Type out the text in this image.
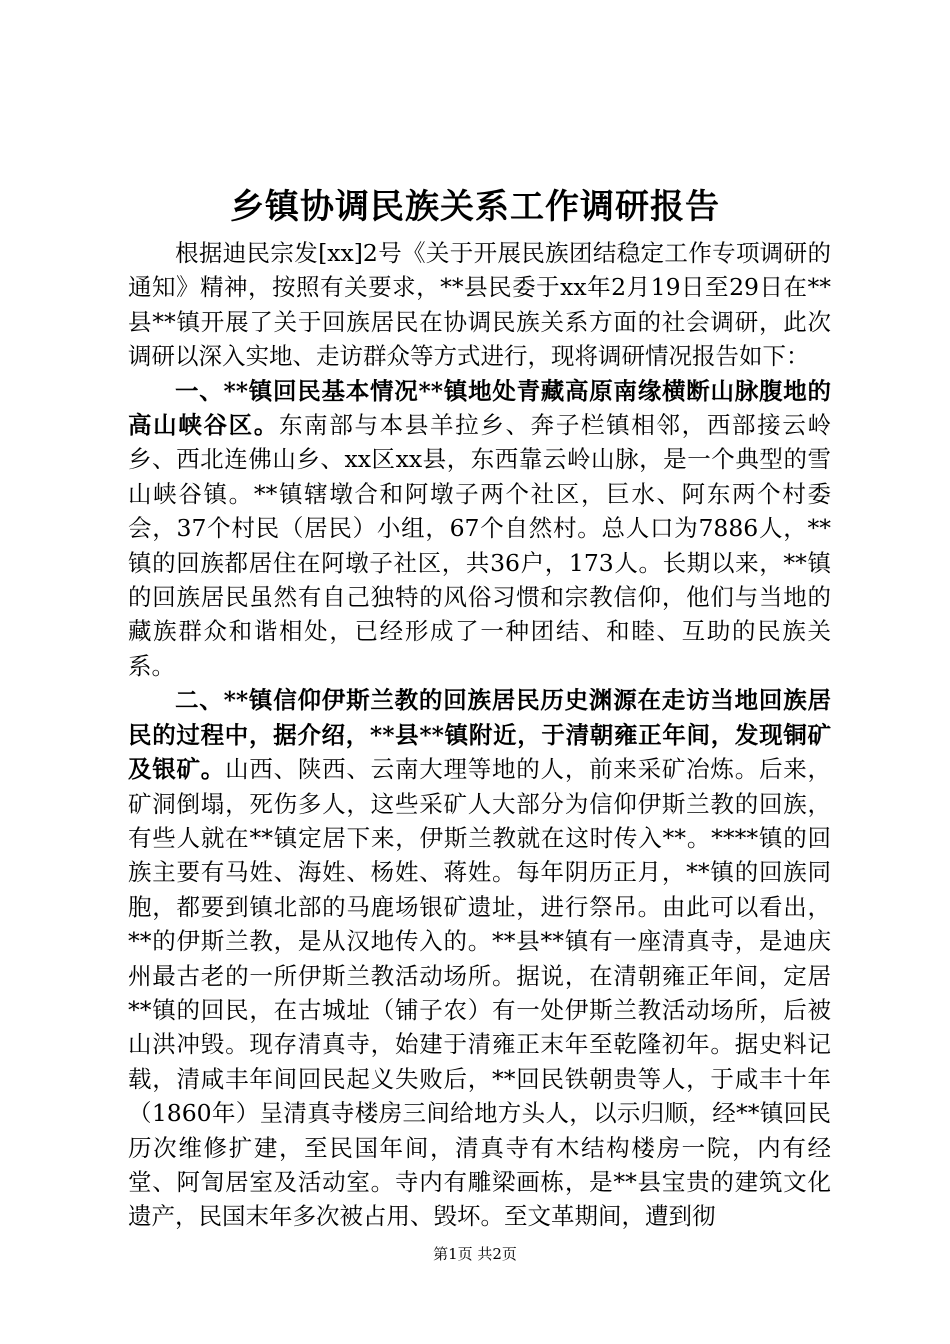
乡镇协调民族关系工作调研报告

根据迪民宗发[xx]2号《关于开展民族团结稳定工作专项调研的通知》精神，按照有关要求，**县民委于xx年2月19日至29日在**县**镇开展了关于回族居民在协调民族关系方面的社会调研，此次调研以深入实地、走访群众等方式进行，现将调研情况报告如下：

一、**镇回民基本情况**镇地处青藏高原南缘横断山脉腹地的高山峡谷区。东南部与本县羊拉乡、奔子栏镇相邻，西部接云岭乡、西北连佛山乡、xx区xx县，东西靠云岭山脉，是一个典型的雪山峡谷镇。**镇辖墩合和阿墩子两个社区，巨水、阿东两个村委会，37个村民（居民）小组，67个自然村。总人口为7886人，**镇的回族都居住在阿墩子社区，共36户，173人。长期以来，**镇的回族居民虽然有自己独特的风俗习惯和宗教信仰，他们与当地的藏族群众和谐相处，已经形成了一种团结、和睦、互助的民族关系。

二、**镇信仰伊斯兰教的回族居民历史渊源在走访当地回族居民的过程中，据介绍，**县**镇附近，于清朝雍正年间，发现铜矿及银矿。山西、陕西、云南大理等地的人，前来采矿冶炼。后来，矿洞倒塌，死伤多人，这些采矿人大部分为信仰伊斯兰教的回族，有些人就在**镇定居下来，伊斯兰教就在这时传入**。****镇的回族主要有马姓、海姓、杨姓、蒋姓。每年阴历正月，**镇的回族同胞，都要到镇北部的马鹿场银矿遗址，进行祭吊。由此可以看出，**的伊斯兰教，是从汉地传入的。**县**镇有一座清真寺，是迪庆州最古老的一所伊斯兰教活动场所。据说，在清朝雍正年间，定居**镇的回民，在古城址（铺子农）有一处伊斯兰教活动场所，后被山洪冲毁。现存清真寺，始建于清雍正末年至乾隆初年。据史料记载，清咸丰年间回民起义失败后，**回民铁朝贵等人，于咸丰十年（1860年）呈清真寺楼房三间给地方头人，以示归顺，经**镇回民历次维修扩建，至民国年间，清真寺有木结构楼房一院，内有经堂、阿訇居室及活动室。寺内有雕梁画栋，是**县宝贵的建筑文化遗产，民国末年多次被占用、毁坏。至文革期间，遭到彻

第1页 共2页
